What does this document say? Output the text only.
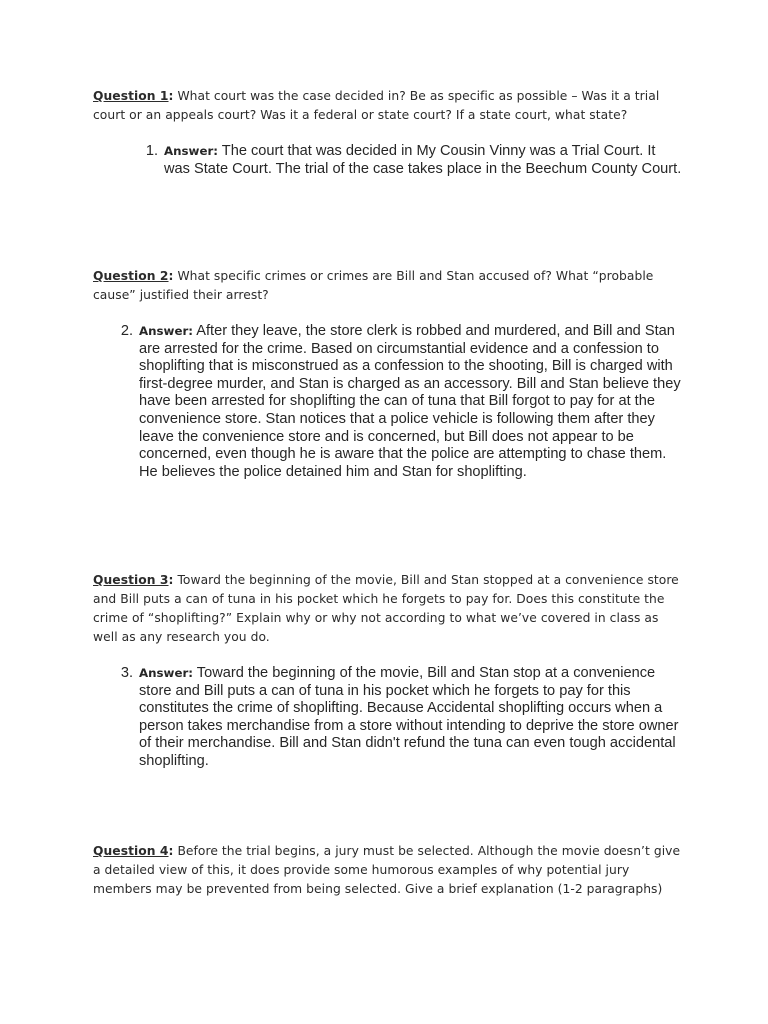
Question 1: What court was the case decided in? Be as specific as possible – Was it a trial court or an appeals court? Was it a federal or state court? If a state court, what state?
1. Answer: The court that was decided in My Cousin Vinny was a Trial Court. It was State Court. The trial of the case takes place in the Beechum County Court.
Question 2: What specific crimes or crimes are Bill and Stan accused of? What “probable cause” justified their arrest?
2. Answer: After they leave, the store clerk is robbed and murdered, and Bill and Stan are arrested for the crime. Based on circumstantial evidence and a confession to shoplifting that is misconstrued as a confession to the shooting, Bill is charged with first-degree murder, and Stan is charged as an accessory. Bill and Stan believe they have been arrested for shoplifting the can of tuna that Bill forgot to pay for at the convenience store. Stan notices that a police vehicle is following them after they leave the convenience store and is concerned, but Bill does not appear to be concerned, even though he is aware that the police are attempting to chase them. He believes the police detained him and Stan for shoplifting.
Question 3: Toward the beginning of the movie, Bill and Stan stopped at a convenience store and Bill puts a can of tuna in his pocket which he forgets to pay for. Does this constitute the crime of “shoplifting?” Explain why or why not according to what we’ve covered in class as well as any research you do.
3. Answer: Toward the beginning of the movie, Bill and Stan stop at a convenience store and Bill puts a can of tuna in his pocket which he forgets to pay for this constitutes the crime of shoplifting. Because Accidental shoplifting occurs when a person takes merchandise from a store without intending to deprive the store owner of their merchandise. Bill and Stan didn't refund the tuna can even tough accidental shoplifting.
Question 4: Before the trial begins, a jury must be selected. Although the movie doesn’t give a detailed view of this, it does provide some humorous examples of why potential jury members may be prevented from being selected. Give a brief explanation (1-2 paragraphs)
